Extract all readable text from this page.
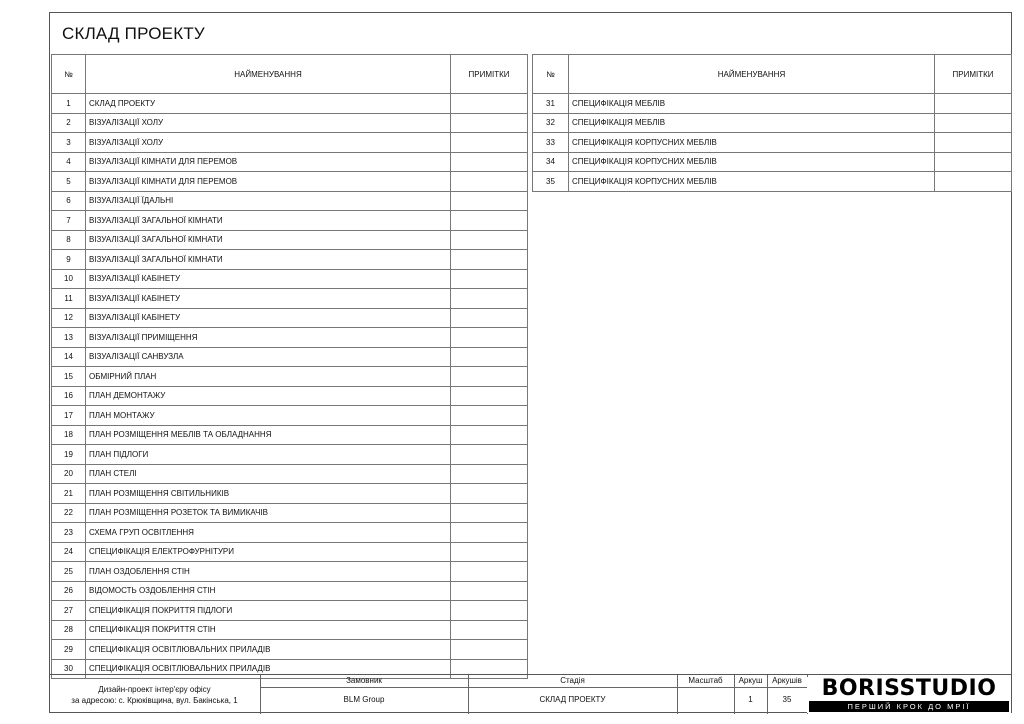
СКЛАД ПРОЕКТУ
№	НАЙМЕНУВАННЯ	ПРИМІТКИ
1	СКЛАД ПРОЕКТУ	
2	ВІЗУАЛІЗАЦІЇ ХОЛУ	
3	ВІЗУАЛІЗАЦІЇ ХОЛУ	
4	ВІЗУАЛІЗАЦІЇ КІМНАТИ ДЛЯ ПЕРЕМОВ	
5	ВІЗУАЛІЗАЦІЇ КІМНАТИ ДЛЯ ПЕРЕМОВ	
6	ВІЗУАЛІЗАЦІЇ ЇДАЛЬНІ	
7	ВІЗУАЛІЗАЦІЇ ЗАГАЛЬНОЇ КІМНАТИ	
8	ВІЗУАЛІЗАЦІЇ ЗАГАЛЬНОЇ КІМНАТИ	
9	ВІЗУАЛІЗАЦІЇ ЗАГАЛЬНОЇ КІМНАТИ	
10	ВІЗУАЛІЗАЦІЇ КАБІНЕТУ	
11	ВІЗУАЛІЗАЦІЇ КАБІНЕТУ	
12	ВІЗУАЛІЗАЦІЇ КАБІНЕТУ	
13	ВІЗУАЛІЗАЦІЇ ПРИМІЩЕННЯ	
14	ВІЗУАЛІЗАЦІЇ САНВУЗЛА	
15	ОБМІРНИЙ ПЛАН	
16	ПЛАН ДЕМОНТАЖУ	
17	ПЛАН МОНТАЖУ	
18	ПЛАН РОЗМІЩЕННЯ МЕБЛІВ ТА ОБЛАДНАННЯ	
19	ПЛАН ПІДЛОГИ	
20	ПЛАН СТЕЛІ	
21	ПЛАН РОЗМІЩЕННЯ СВІТИЛЬНИКІВ	
22	ПЛАН РОЗМІЩЕННЯ РОЗЕТОК ТА ВИМИКАЧІВ	
23	СХЕМА ГРУП ОСВІТЛЕННЯ	
24	СПЕЦИФІКАЦІЯ ЕЛЕКТРОФУРНІТУРИ	
25	ПЛАН ОЗДОБЛЕННЯ СТІН	
26	ВІДОМОСТЬ ОЗДОБЛЕННЯ СТІН	
27	СПЕЦИФІКАЦІЯ ПОКРИТТЯ ПІДЛОГИ	
28	СПЕЦИФІКАЦІЯ ПОКРИТТЯ СТІН	
29	СПЕЦИФІКАЦІЯ ОСВІТЛЮВАЛЬНИХ ПРИЛАДІВ	
30	СПЕЦИФІКАЦІЯ ОСВІТЛЮВАЛЬНИХ ПРИЛАДІВ	
№	НАЙМЕНУВАННЯ	ПРИМІТКИ
31	СПЕЦИФІКАЦІЯ МЕБЛІВ	
32	СПЕЦИФІКАЦІЯ МЕБЛІВ	
33	СПЕЦИФІКАЦІЯ КОРПУСНИХ МЕБЛІВ	
34	СПЕЦИФІКАЦІЯ КОРПУСНИХ МЕБЛІВ	
35	СПЕЦИФІКАЦІЯ КОРПУСНИХ МЕБЛІВ	
Дизайн-проект інтер'єру офісу
за адресою: с. Крюківщина, вул. Бакінська, 1
Замовник
BLM Group
Стадія
СКЛАД ПРОЕКТУ
Масштаб	Аркуш
1
Аркушів
35	BORISSTUDIO
ПЕРШИЙ КРОК ДО МРІЇ
